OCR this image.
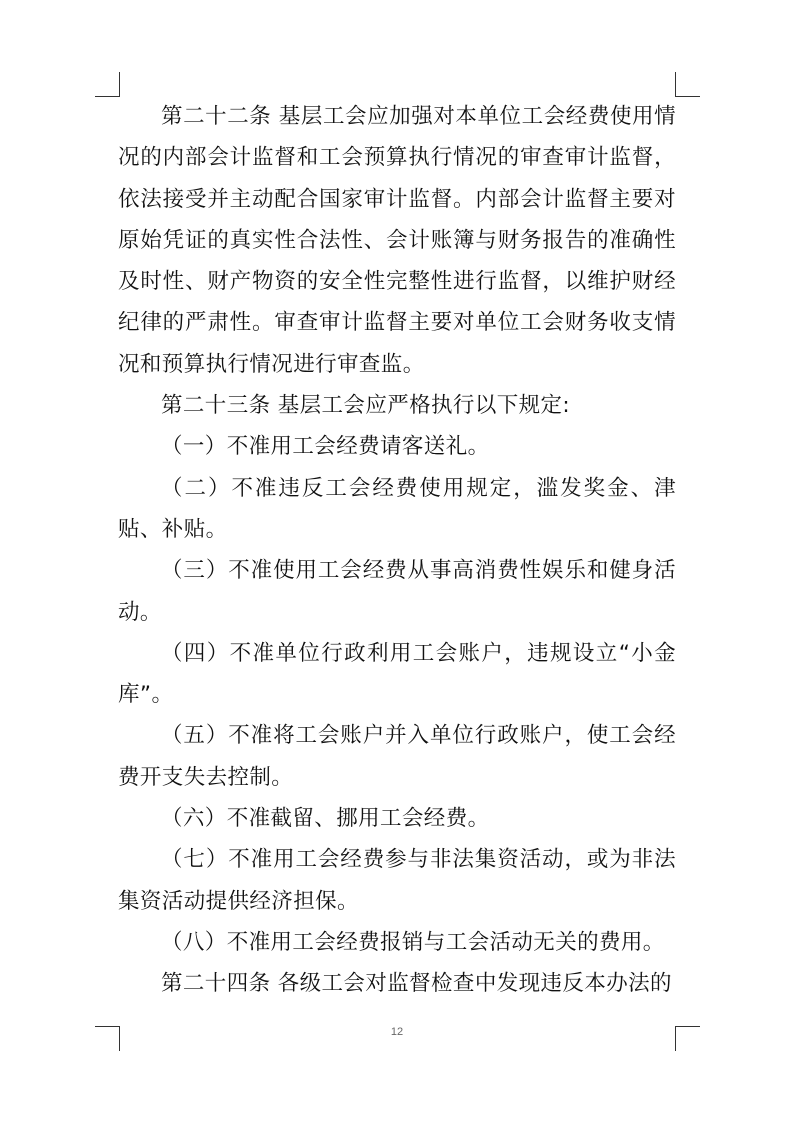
第二十二条 基层工会应加强对本单位工会经费使用情况的内部会计监督和工会预算执行情况的审查审计监督，依法接受并主动配合国家审计监督。内部会计监督主要对原始凭证的真实性合法性、会计账簿与财务报告的准确性及时性、财产物资的安全性完整性进行监督，以维护财经纪律的严肃性。审查审计监督主要对单位工会财务收支情况和预算执行情况进行审查监。

第二十三条 基层工会应严格执行以下规定:

（一）不准用工会经费请客送礼。

（二）不准违反工会经费使用规定，滥发奖金、津贴、补贴。

（三）不准使用工会经费从事高消费性娱乐和健身活动。

（四）不准单位行政利用工会账户，违规设立“小金库”。

（五）不准将工会账户并入单位行政账户，使工会经费开支失去控制。

（六）不准截留、挪用工会经费。

（七）不准用工会经费参与非法集资活动，或为非法集资活动提供经济担保。

（八）不准用工会经费报销与工会活动无关的费用。

第二十四条 各级工会对监督检查中发现违反本办法的

12
